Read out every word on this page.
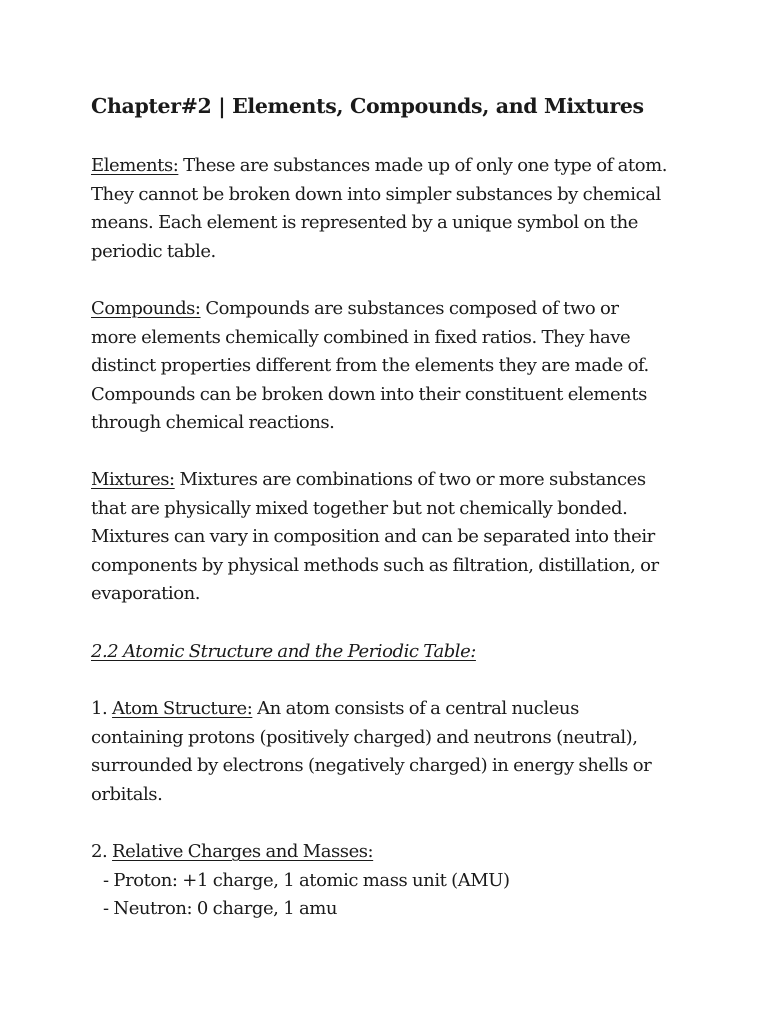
Chapter#2 | Elements, Compounds, and Mixtures

Elements: These are substances made up of only one type of atom.
They cannot be broken down into simpler substances by chemical
means. Each element is represented by a unique symbol on the
periodic table.

Compounds: Compounds are substances composed of two or
more elements chemically combined in fixed ratios. They have
distinct properties different from the elements they are made of.
Compounds can be broken down into their constituent elements
through chemical reactions.

Mixtures: Mixtures are combinations of two or more substances
that are physically mixed together but not chemically bonded.
Mixtures can vary in composition and can be separated into their
components by physical methods such as filtration, distillation, or
evaporation.

2.2 Atomic Structure and the Periodic Table:

1. Atom Structure: An atom consists of a central nucleus
containing protons (positively charged) and neutrons (neutral),
surrounded by electrons (negatively charged) in energy shells or
orbitals.

2. Relative Charges and Masses:
- Proton: +1 charge, 1 atomic mass unit (AMU)
- Neutron: 0 charge, 1 amu
